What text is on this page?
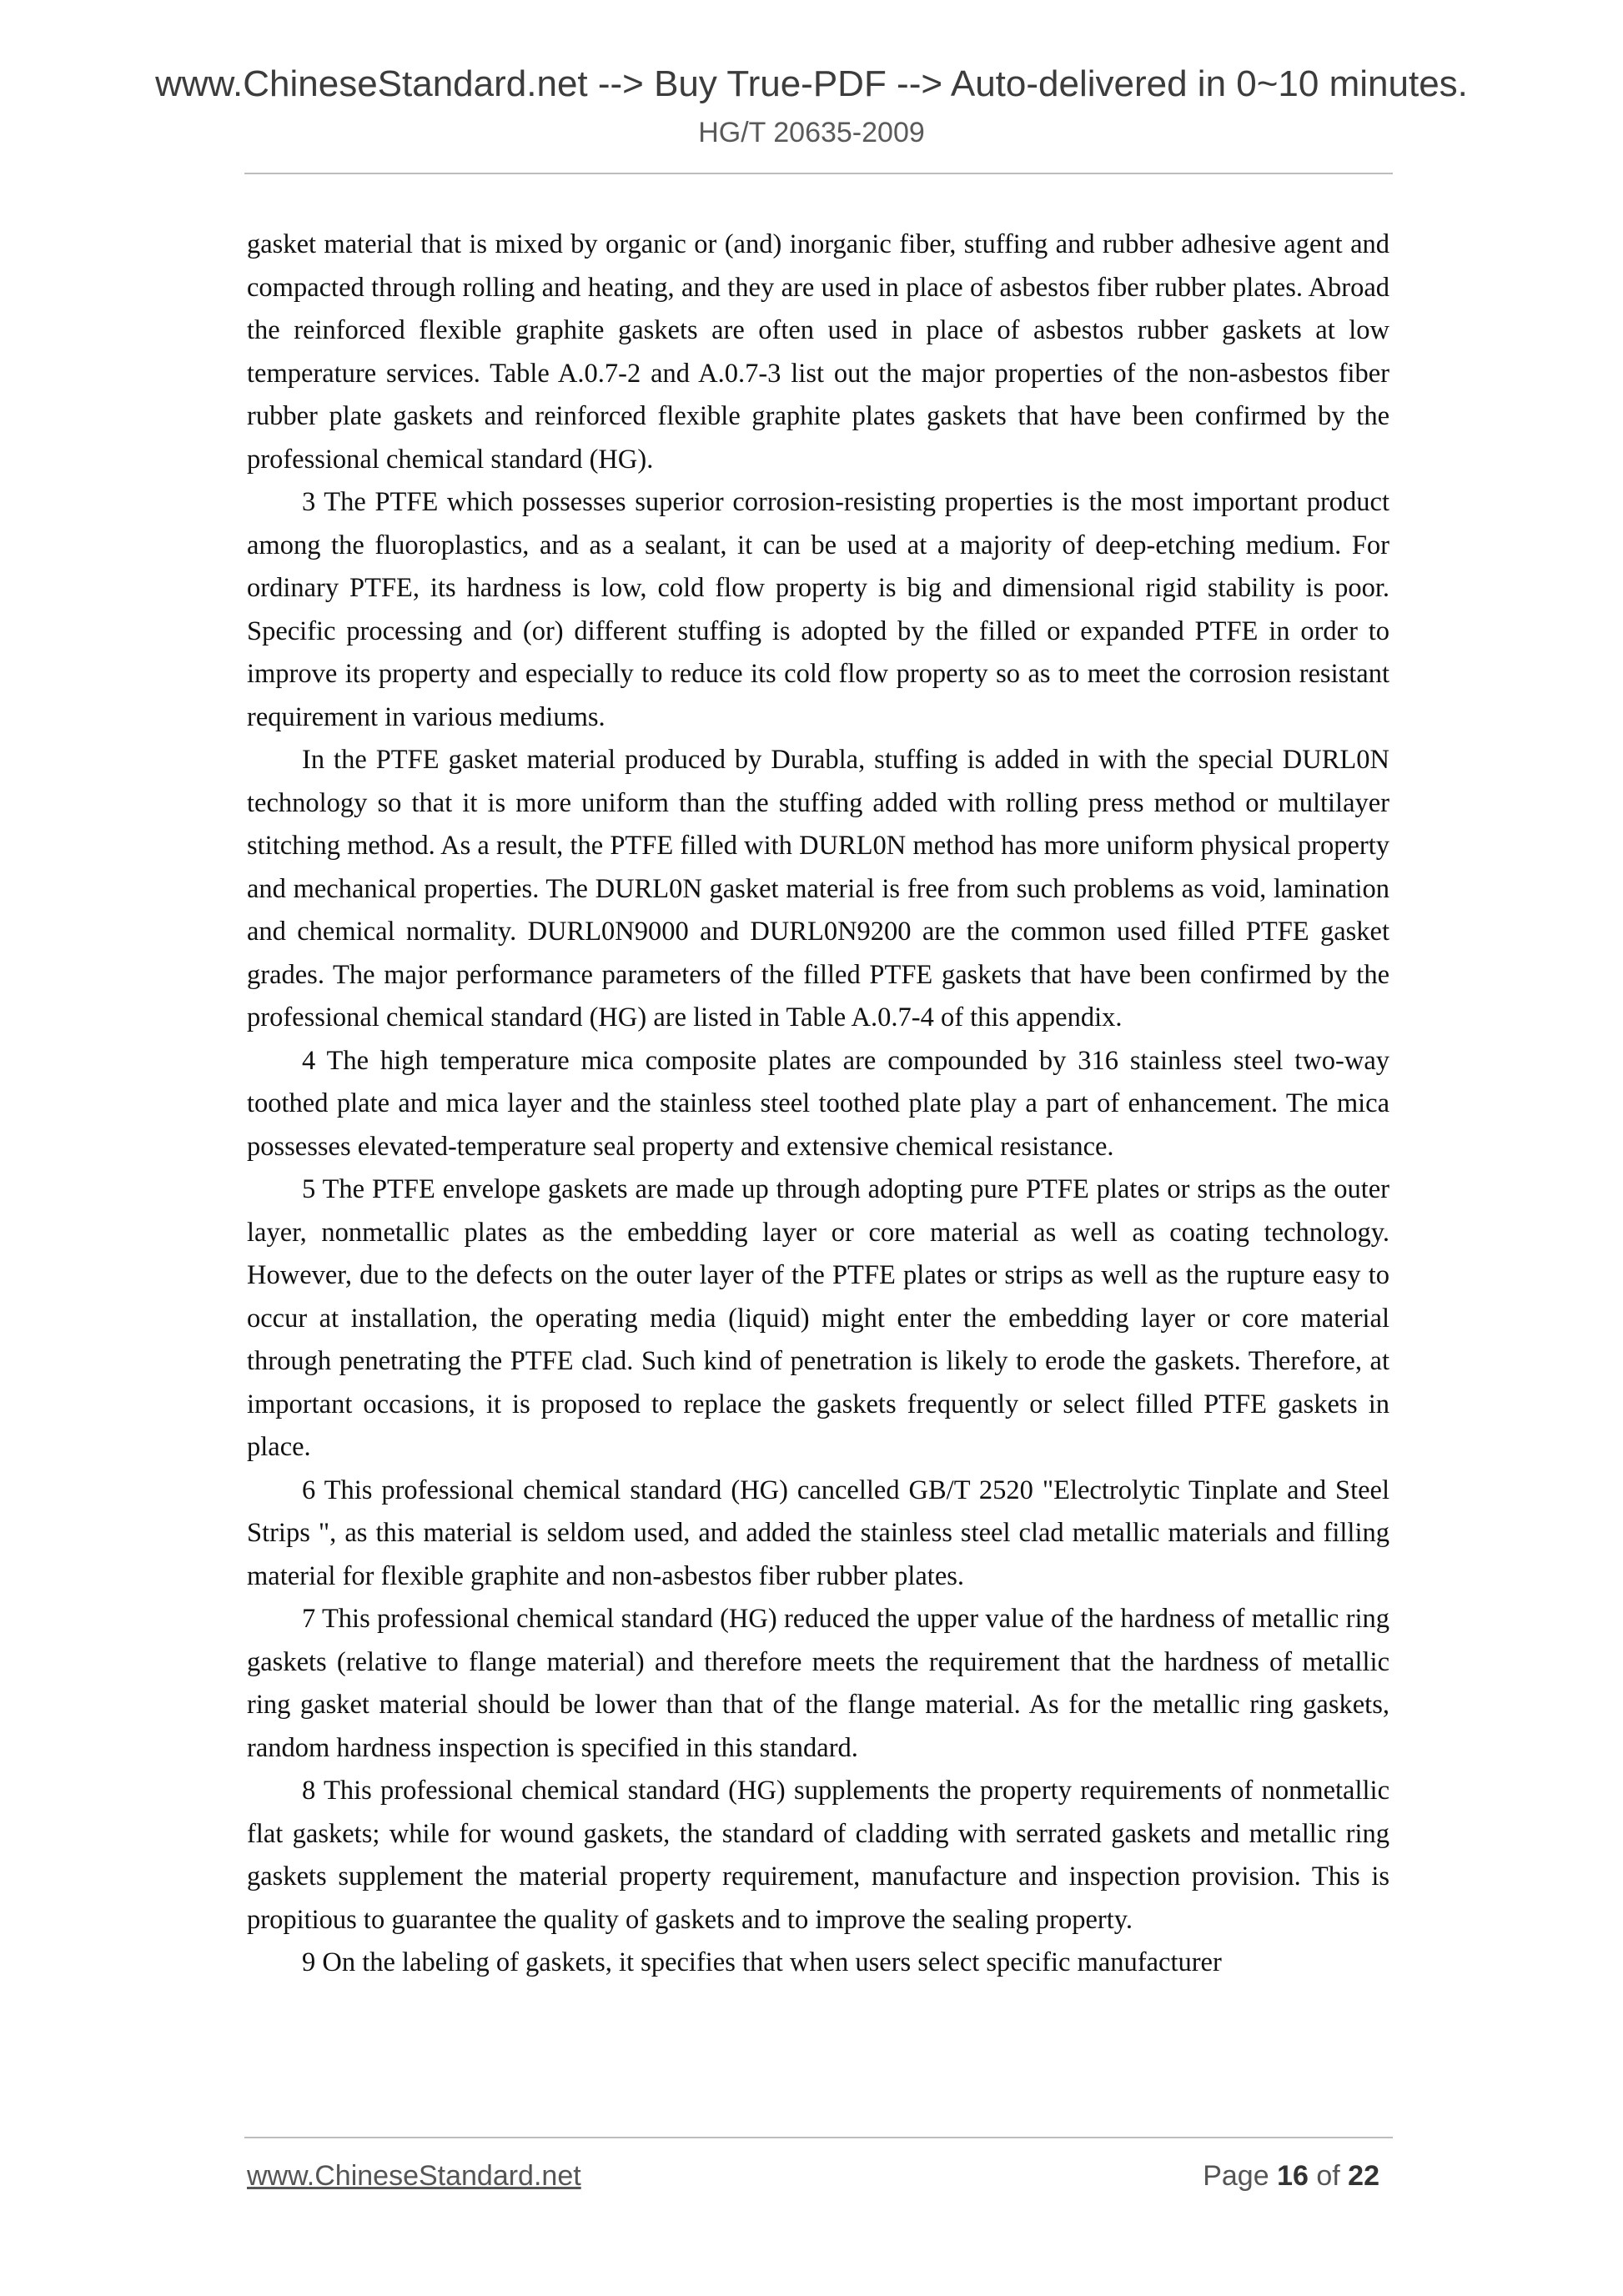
www.ChineseStandard.net --> Buy True-PDF --> Auto-delivered in 0~10 minutes.
HG/T 20635-2009

gasket material that is mixed by organic or (and) inorganic fiber, stuffing and rubber adhesive agent and compacted through rolling and heating, and they are used in place of asbestos fiber rubber plates. Abroad the reinforced flexible graphite gaskets are often used in place of asbestos rubber gaskets at low temperature services. Table A.0.7-2 and A.0.7-3 list out the major properties of the non-asbestos fiber rubber plate gaskets and reinforced flexible graphite plates gaskets that have been confirmed by the professional chemical standard (HG).

3 The PTFE which possesses superior corrosion-resisting properties is the most important product among the fluoroplastics, and as a sealant, it can be used at a majority of deep-etching medium. For ordinary PTFE, its hardness is low, cold flow property is big and dimensional rigid stability is poor. Specific processing and (or) different stuffing is adopted by the filled or expanded PTFE in order to improve its property and especially to reduce its cold flow property so as to meet the corrosion resistant requirement in various mediums.

In the PTFE gasket material produced by Durabla, stuffing is added in with the special DURL0N technology so that it is more uniform than the stuffing added with rolling press method or multilayer stitching method. As a result, the PTFE filled with DURL0N method has more uniform physical property and mechanical properties. The DURL0N gasket material is free from such problems as void, lamination and chemical normality. DURL0N9000 and DURL0N9200 are the common used filled PTFE gasket grades. The major performance parameters of the filled PTFE gaskets that have been confirmed by the professional chemical standard (HG) are listed in Table A.0.7-4 of this appendix.

4 The high temperature mica composite plates are compounded by 316 stainless steel two-way toothed plate and mica layer and the stainless steel toothed plate play a part of enhancement. The mica possesses elevated-temperature seal property and extensive chemical resistance.

5 The PTFE envelope gaskets are made up through adopting pure PTFE plates or strips as the outer layer, nonmetallic plates as the embedding layer or core material as well as coating technology. However, due to the defects on the outer layer of the PTFE plates or strips as well as the rupture easy to occur at installation, the operating media (liquid) might enter the embedding layer or core material through penetrating the PTFE clad. Such kind of penetration is likely to erode the gaskets. Therefore, at important occasions, it is proposed to replace the gaskets frequently or select filled PTFE gaskets in place.

6 This professional chemical standard (HG) cancelled GB/T 2520 "Electrolytic Tinplate and Steel Strips ", as this material is seldom used, and added the stainless steel clad metallic materials and filling material for flexible graphite and non-asbestos fiber rubber plates.

7 This professional chemical standard (HG) reduced the upper value of the hardness of metallic ring gaskets (relative to flange material) and therefore meets the requirement that the hardness of metallic ring gasket material should be lower than that of the flange material. As for the metallic ring gaskets, random hardness inspection is specified in this standard.

8 This professional chemical standard (HG) supplements the property requirements of nonmetallic flat gaskets; while for wound gaskets, the standard of cladding with serrated gaskets and metallic ring gaskets supplement the material property requirement, manufacture and inspection provision. This is propitious to guarantee the quality of gaskets and to improve the sealing property.

9 On the labeling of gaskets, it specifies that when users select specific manufacturer

www.ChineseStandard.net	Page 16 of 22
